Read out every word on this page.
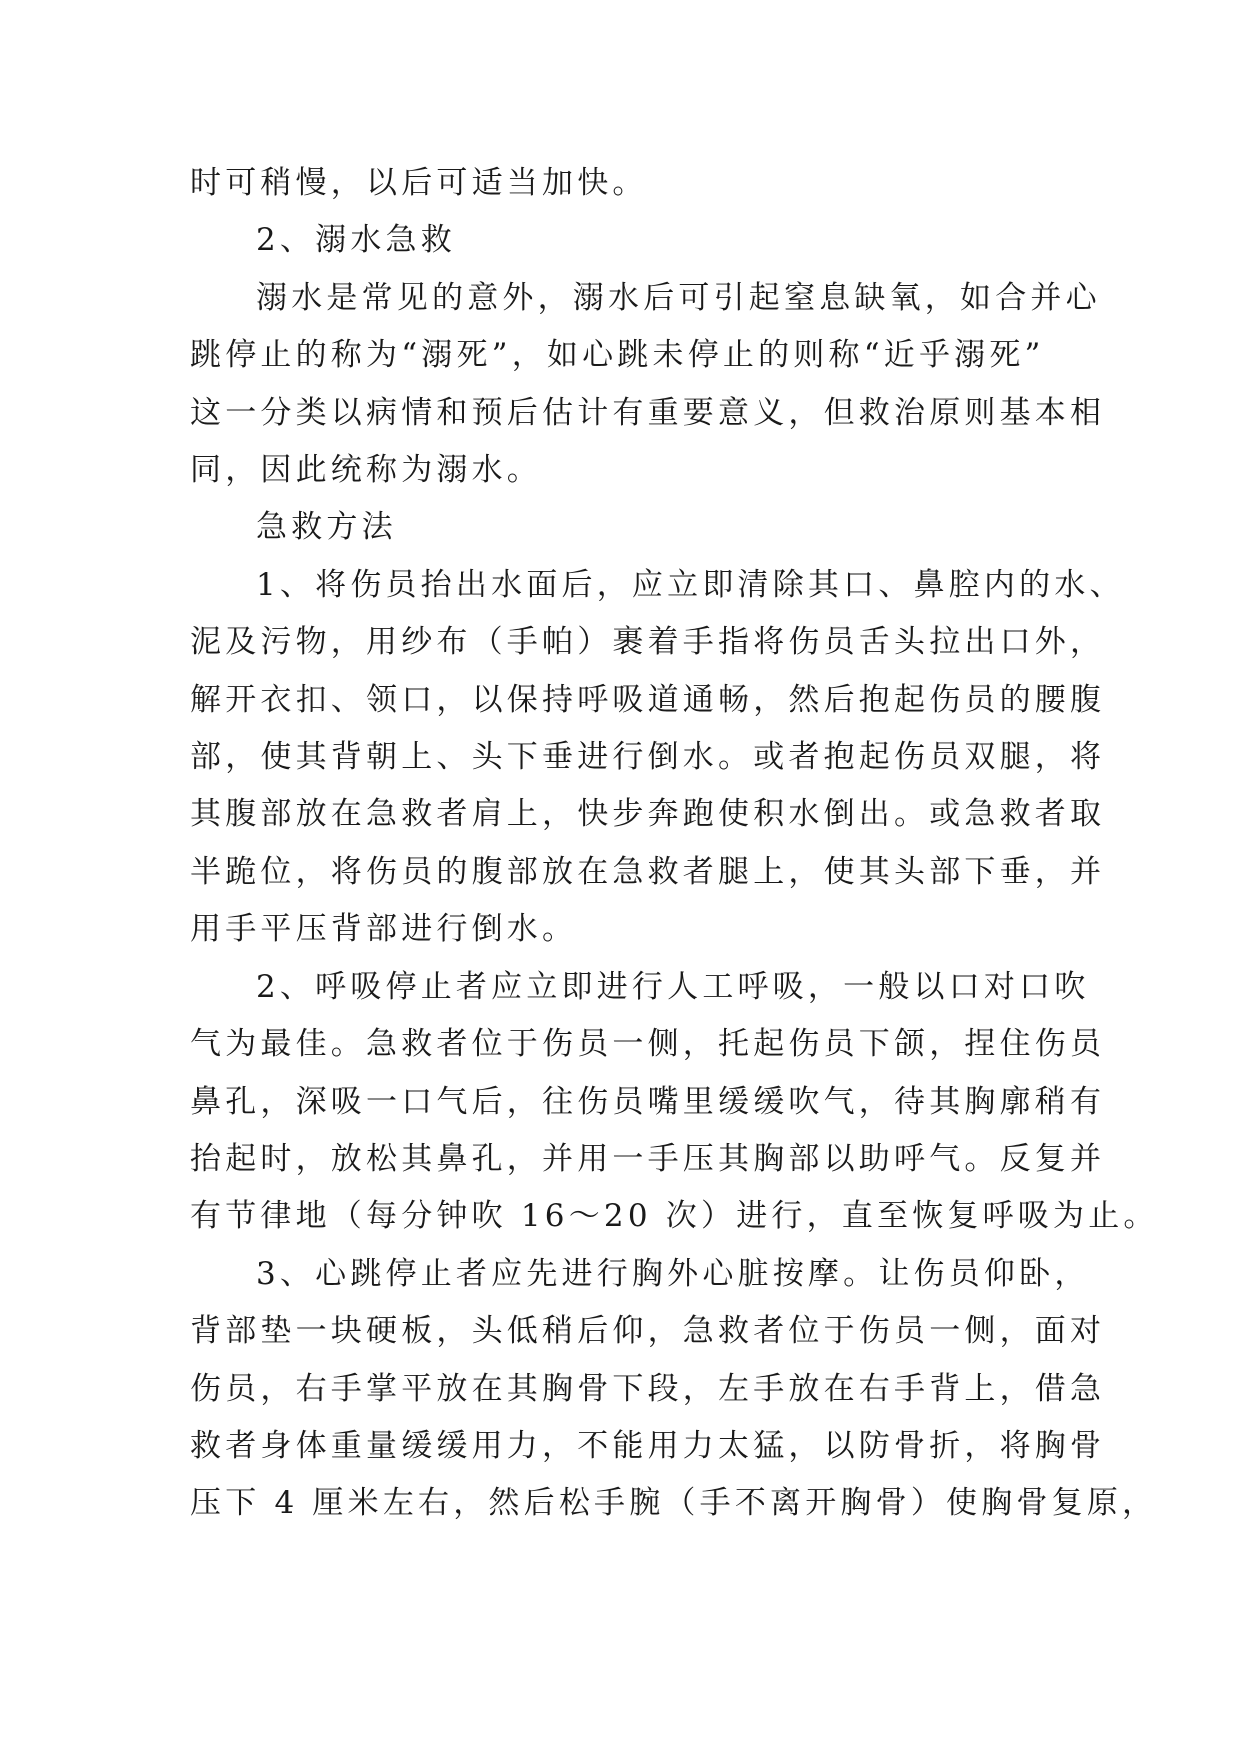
时可稍慢，以后可适当加快。
2、溺水急救
溺水是常见的意外，溺水后可引起窒息缺氧，如合并心
跳停止的称为“溺死”，如心跳未停止的则称“近乎溺死”
这一分类以病情和预后估计有重要意义，但救治原则基本相
同，因此统称为溺水。
急救方法
1、将伤员抬出水面后，应立即清除其口、鼻腔内的水、
泥及污物，用纱布（手帕）裹着手指将伤员舌头拉出口外，
解开衣扣、领口，以保持呼吸道通畅，然后抱起伤员的腰腹
部，使其背朝上、头下垂进行倒水。或者抱起伤员双腿，将
其腹部放在急救者肩上，快步奔跑使积水倒出。或急救者取
半跪位，将伤员的腹部放在急救者腿上，使其头部下垂，并
用手平压背部进行倒水。
2、呼吸停止者应立即进行人工呼吸，一般以口对口吹
气为最佳。急救者位于伤员一侧，托起伤员下颌，捏住伤员
鼻孔，深吸一口气后，往伤员嘴里缓缓吹气，待其胸廓稍有
抬起时，放松其鼻孔，并用一手压其胸部以助呼气。反复并
有节律地（每分钟吹 16～20 次）进行，直至恢复呼吸为止。
3、心跳停止者应先进行胸外心脏按摩。让伤员仰卧，
背部垫一块硬板，头低稍后仰，急救者位于伤员一侧，面对
伤员，右手掌平放在其胸骨下段，左手放在右手背上，借急
救者身体重量缓缓用力，不能用力太猛，以防骨折，将胸骨
压下 4 厘米左右，然后松手腕（手不离开胸骨）使胸骨复原，
